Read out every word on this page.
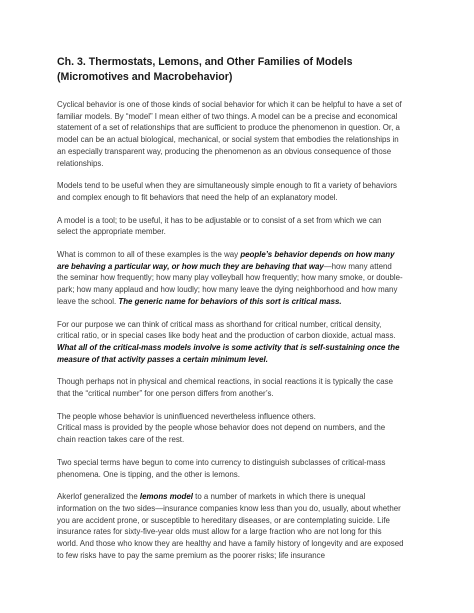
Ch. 3. Thermostats, Lemons, and Other Families of Models (Micromotives and Macrobehavior)

Cyclical behavior is one of those kinds of social behavior for which it can be helpful to have a set of familiar models. By “model” I mean either of two things. A model can be a precise and economical statement of a set of relationships that are sufficient to produce the phenomenon in question. Or, a model can be an actual biological, mechanical, or social system that embodies the relationships in an especially transparent way, producing the phenomenon as an obvious consequence of those relationships.

Models tend to be useful when they are simultaneously simple enough to fit a variety of behaviors and complex enough to fit behaviors that need the help of an explanatory model.

A model is a tool; to be useful, it has to be adjustable or to consist of a set from which we can select the appropriate member.

What is common to all of these examples is the way people’s behavior depends on how many are behaving a particular way, or how much they are behaving that way—how many attend the seminar how frequently; how many play volleyball how frequently; how many smoke, or double-park; how many applaud and how loudly; how many leave the dying neighborhood and how many leave the school. The generic name for behaviors of this sort is critical mass.

For our purpose we can think of critical mass as shorthand for critical number, critical density, critical ratio, or in special cases like body heat and the production of carbon dioxide, actual mass. What all of the critical-mass models involve is some activity that is self-sustaining once the measure of that activity passes a certain minimum level.

Though perhaps not in physical and chemical reactions, in social reactions it is typically the case that the “critical number” for one person differs from another’s.

The people whose behavior is uninfluenced nevertheless influence others.

Critical mass is provided by the people whose behavior does not depend on numbers, and the chain reaction takes care of the rest.

Two special terms have begun to come into currency to distinguish subclasses of critical-mass phenomena. One is tipping, and the other is lemons.

Akerlof generalized the lemons model to a number of markets in which there is unequal information on the two sides—insurance companies know less than you do, usually, about whether you are accident prone, or susceptible to hereditary diseases, or are contemplating suicide. Life insurance rates for sixty-five-year olds must allow for a large fraction who are not long for this world. And those who know they are healthy and have a family history of longevity and are exposed to few risks have to pay the same premium as the poorer risks; life insurance
